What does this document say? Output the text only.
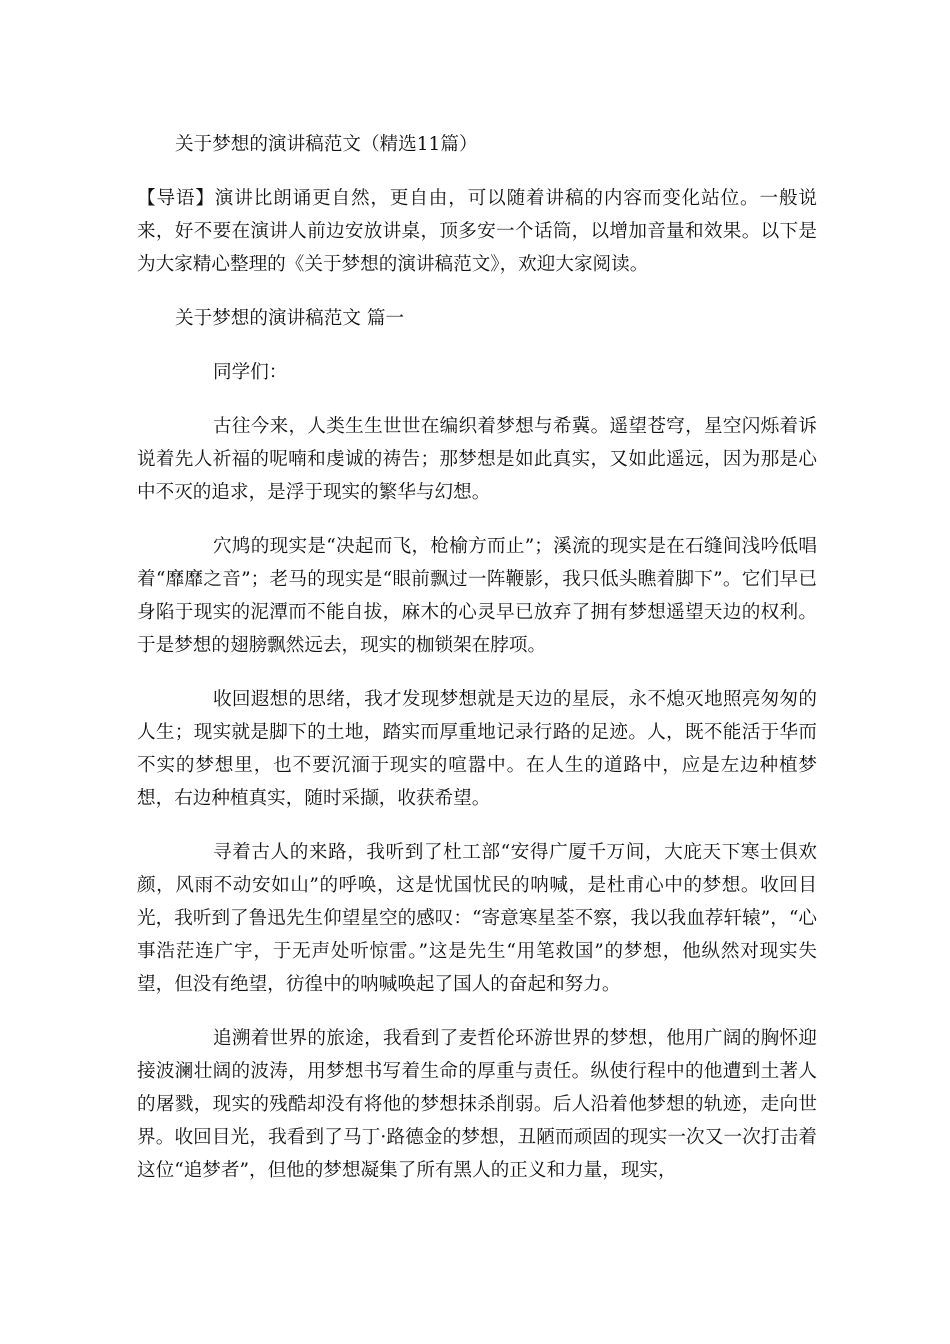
关于梦想的演讲稿范文（精选11篇）

【导语】演讲比朗诵更自然，更自由，可以随着讲稿的内容而变化站位。一般说来，好不要在演讲人前边安放讲桌，顶多安一个话筒，以增加音量和效果。以下是为大家精心整理的《关于梦想的演讲稿范文》，欢迎大家阅读。

关于梦想的演讲稿范文 篇一

同学们：

古往今来，人类生生世世在编织着梦想与希冀。遥望苍穹，星空闪烁着诉说着先人祈福的呢喃和虔诚的祷告；那梦想是如此真实，又如此遥远，因为那是心中不灭的追求，是浮于现实的繁华与幻想。

穴鸠的现实是“决起而飞，枪榆方而止”；溪流的现实是在石缝间浅吟低唱着“靡靡之音”；老马的现实是“眼前飘过一阵鞭影，我只低头瞧着脚下”。它们早已身陷于现实的泥潭而不能自拔，麻木的心灵早已放弃了拥有梦想遥望天边的权利。于是梦想的翅膀飘然远去，现实的枷锁架在脖项。

收回遐想的思绪，我才发现梦想就是天边的星辰，永不熄灭地照亮匆匆的人生；现实就是脚下的土地，踏实而厚重地记录行路的足迹。人，既不能活于华而不实的梦想里，也不要沉湎于现实的喧嚣中。在人生的道路中，应是左边种植梦想，右边种植真实，随时采撷，收获希望。

寻着古人的来路，我听到了杜工部“安得广厦千万间，大庇天下寒士俱欢颜，风雨不动安如山”的呼唤，这是忧国忧民的呐喊，是杜甫心中的梦想。收回目光，我听到了鲁迅先生仰望星空的感叹：“寄意寒星荃不察，我以我血荐轩辕”，“心事浩茫连广宇，于无声处听惊雷。”这是先生“用笔救国”的梦想，他纵然对现实失望，但没有绝望，彷徨中的呐喊唤起了国人的奋起和努力。

追溯着世界的旅途，我看到了麦哲伦环游世界的梦想，他用广阔的胸怀迎接波澜壮阔的波涛，用梦想书写着生命的厚重与责任。纵使行程中的他遭到土著人的屠戮，现实的残酷却没有将他的梦想抹杀削弱。后人沿着他梦想的轨迹，走向世界。收回目光，我看到了马丁·路德金的梦想，丑陋而顽固的现实一次又一次打击着这位“追梦者”，但他的梦想凝集了所有黑人的正义和力量，现实，
